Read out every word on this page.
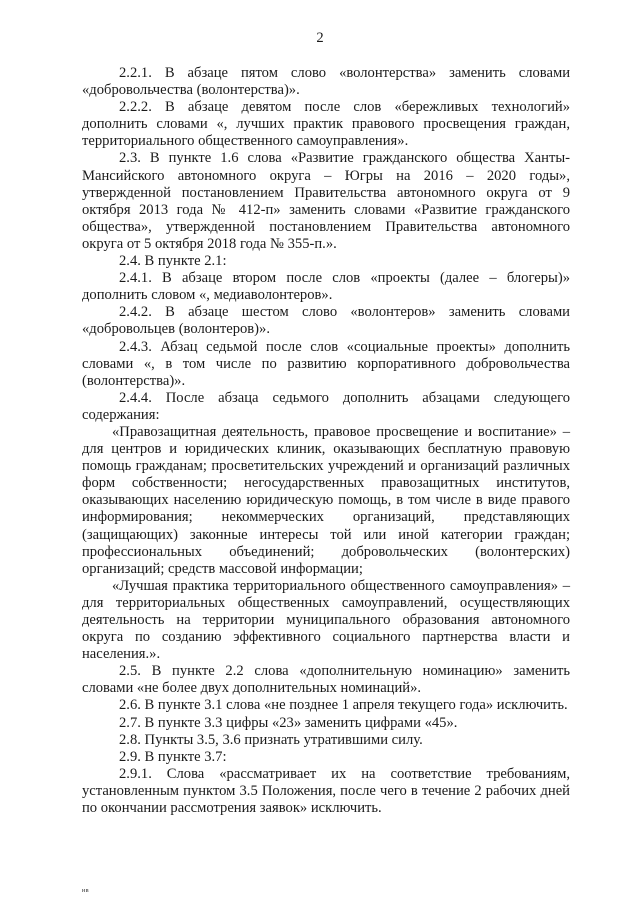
2

2.2.1. В абзаце пятом слово «волонтерства» заменить словами «добровольчества (волонтерства)».

2.2.2. В абзаце девятом после слов «бережливых технологий» дополнить словами «, лучших практик правового просвещения граждан, территориального общественного самоуправления».

2.3. В пункте 1.6 слова «Развитие гражданского общества Ханты-Мансийского автономного округа – Югры на 2016 – 2020 годы», утвержденной постановлением Правительства автономного округа от 9 октября 2013 года № 412-п» заменить словами «Развитие гражданского общества», утвержденной постановлением Правительства автономного округа от 5 октября 2018 года № 355-п.».

2.4. В пункте 2.1:

2.4.1. В абзаце втором после слов «проекты (далее – блогеры)» дополнить словом «, медиаволонтеров».

2.4.2. В абзаце шестом слово «волонтеров» заменить словами «добровольцев (волонтеров)».

2.4.3. Абзац седьмой после слов «социальные проекты» дополнить словами «, в том числе по развитию корпоративного добровольчества (волонтерства)».

2.4.4. После абзаца седьмого дополнить абзацами следующего содержания:

«Правозащитная деятельность, правовое просвещение и воспитание» – для центров и юридических клиник, оказывающих бесплатную правовую помощь гражданам; просветительских учреждений и организаций различных форм собственности; негосударственных правозащитных институтов, оказывающих населению юридическую помощь, в том числе в виде правого информирования; некоммерческих организаций, представляющих (защищающих) законные интересы той или иной категории граждан; профессиональных объединений; добровольческих (волонтерских) организаций; средств массовой информации;

«Лучшая практика территориального общественного самоуправления» – для территориальных общественных самоуправлений, осуществляющих деятельность на территории муниципального образования автономного округа по созданию эффективного социального партнерства власти и населения.».

2.5. В пункте 2.2 слова «дополнительную номинацию» заменить словами «не более двух дополнительных номинаций».

2.6. В пункте 3.1 слова «не позднее 1 апреля текущего года» исключить.

2.7. В пункте 3.3 цифры «23» заменить цифрами «45».

2.8. Пункты 3.5, 3.6 признать утратившими силу.

2.9. В пункте 3.7:

2.9.1. Слова «рассматривает их на соответствие требованиям, установленным пунктом 3.5 Положения, после чего в течение 2 рабочих дней по окончании рассмотрения заявок» исключить.

нв
